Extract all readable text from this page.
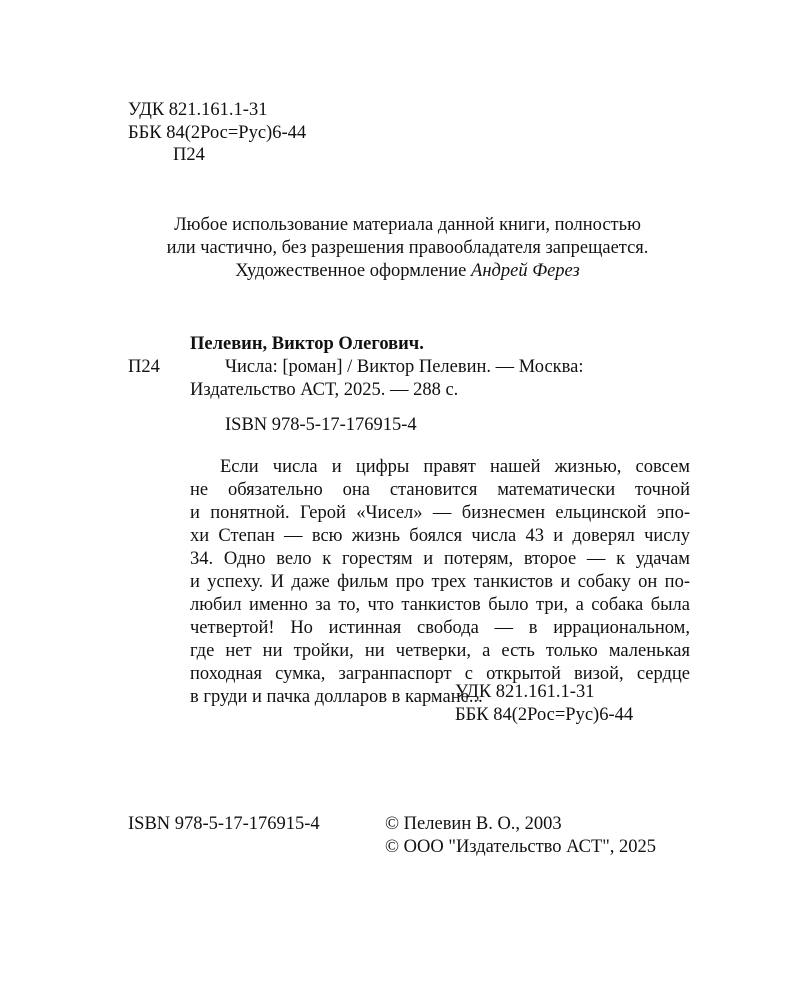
УДК 821.161.1-31
ББК 84(2Рос=Рус)6-44
П24
Любое использование материала данной книги, полностью
или частично, без разрешения правообладателя запрещается.
Художественное оформление Андрей Ферез
Пелевин, Виктор Олегович.
П24	Числа: [роман] / Виктор Пелевин. — Москва:
Издательство АСТ, 2025. — 288 с.
ISBN 978-5-17-176915-4
Если числа и цифры правят нашей жизнью, совсем
не обязательно она становится математически точной
и понятной. Герой «Чисел» — бизнесмен ельцинской эпо-
хи Степан — всю жизнь боялся числа 43 и доверял числу
34. Одно вело к горестям и потерям, второе — к удачам
и успеху. И даже фильм про трех танкистов и собаку он по-
любил именно за то, что танкистов было три, а собака была
четвертой! Но истинная свобода — в иррациональном,
где нет ни тройки, ни четверки, а есть только маленькая
походная сумка, загранпаспорт с открытой визой, сердце
в груди и пачка долларов в кармане...
УДК 821.161.1-31
ББК 84(2Рос=Рус)6-44
ISBN 978-5-17-176915-4	© Пелевин В. О., 2003
© ООО "Издательство АСТ", 2025
